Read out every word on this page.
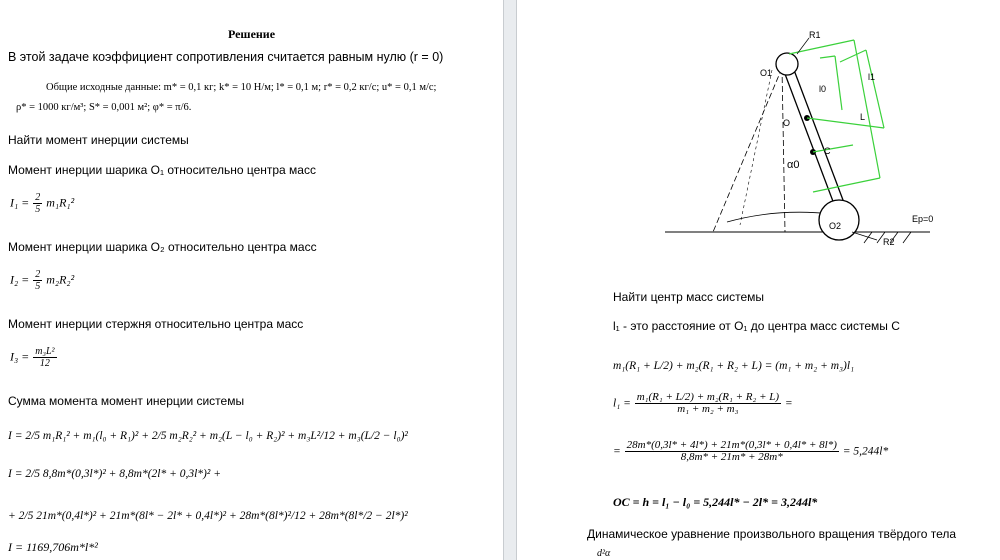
Решение
В этой задаче коэффициент сопротивления считается равным нулю (r = 0)
Общие исходные данные: m* = 0,1 кг; k* = 10 Н/м; l* = 0,1 м; r* = 0,2 кг/с; u* = 0,1 м/с;
ρ* = 1000 кг/м³; S* = 0,001 м²; φ* = π/6.
Найти момент инерции системы
Момент инерции шарика O₁ относительно центра масс
$I_1 = \frac{2}{5} m_1R_1^2$
Момент инерции шарика O₂ относительно центра масс
$I_2 = \frac{2}{5} m_2R_2^2$
Момент инерции стержня относительно центра масс
$I_3 = \frac{\text{m₃L²}}{12}$
Сумма момента момент инерции системы
I = 2/5 m₁R₁² + m₁(l₀ + R₁)² + 2/5 m₂R₂² + m₂(L − l₀ + R₂)² + m₃L²/12 + m₃(L/2 − l₀)²
I = 2/5 8,8m*(0,3l*)² + 8,8m*(2l* + 0,3l*)² +
+ 2/5 21m*(0,4l*)² + 21m*(8l* − 2l* + 0,4l*)² + 28m*(8l*)²/12 + 28m*(8l*/2 − 2l*)²
I = 1169,706m*l*²
R1
O1	l1
l0
O
L
C
α0
O2
Ep=0
R2
Найти центр масс системы
l₁ - это расстояние от O₁ до центра масс системы C
m₁(R₁ + L/2) + m₂(R₁ + R₂ + L) = (m₁ + m₂ + m₃)l₁
$l_1 = \frac{\text{m₁(R₁ + L/2) + m₂(R₁ + R₂ + L)}}{\text{m₁ + m₂ + m₃}}$ =
= $\frac{28m*(0,3l* + 4l*) + 21m*(0,3l* + 0,4l* + 8l*)}{8,8m* + 21m* + 28m*} = 5,244l*$
OC = h = l₁ − l₀ = 5,244l* − 2l* = 3,244l*
Динамическое уравнение произвольного вращения твёрдого тела
d²α
